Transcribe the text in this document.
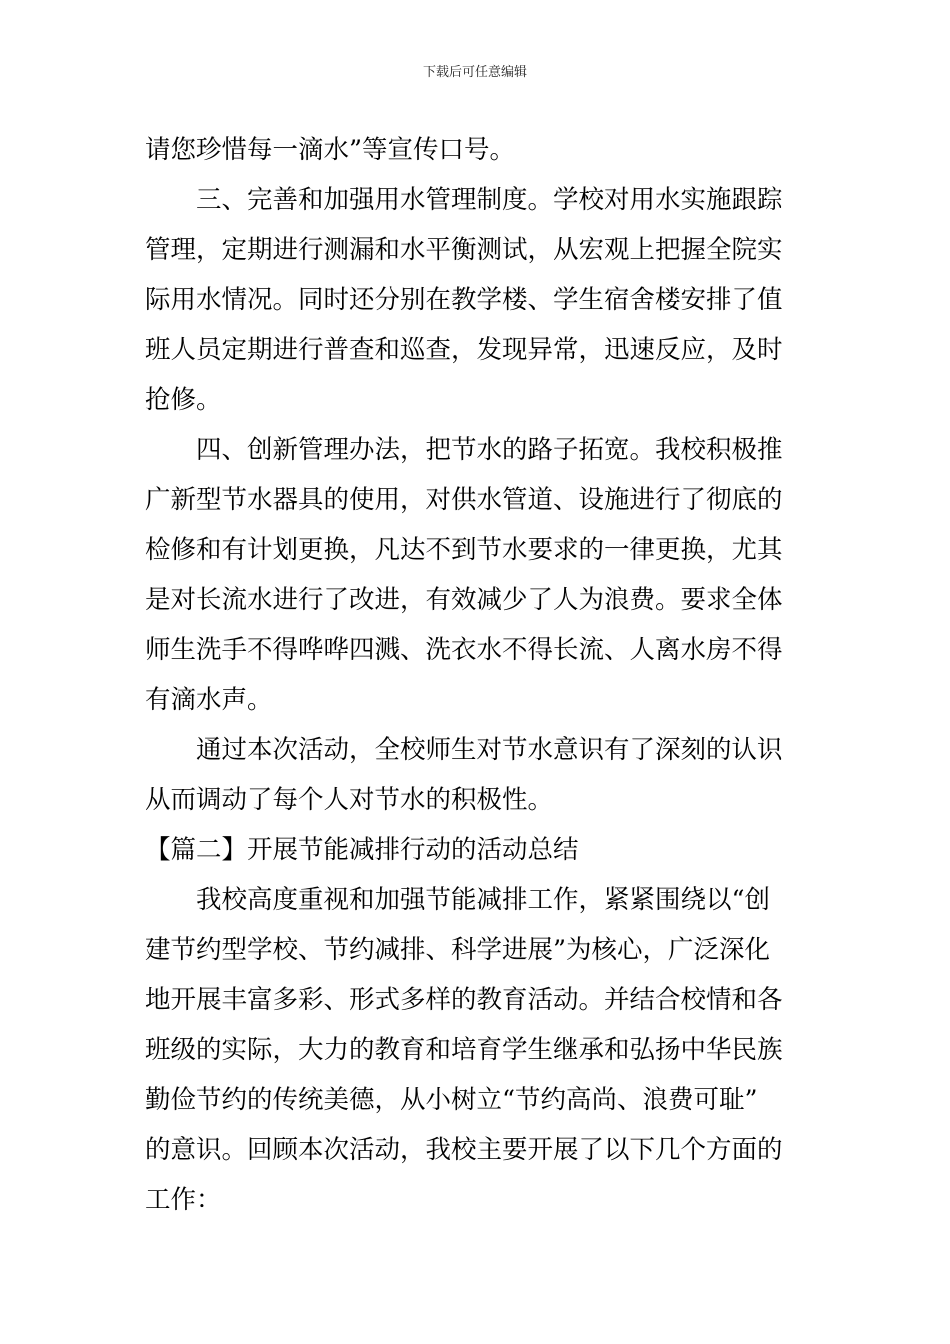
下载后可任意编辑
请您珍惜每一滴水”等宣传口号。
三、完善和加强用水管理制度。学校对用水实施跟踪
管理，定期进行测漏和水平衡测试，从宏观上把握全院实
际用水情况。同时还分别在教学楼、学生宿舍楼安排了值
班人员定期进行普查和巡查，发现异常，迅速反应，及时
抢修。
四、创新管理办法，把节水的路子拓宽。我校积极推
广新型节水器具的使用，对供水管道、设施进行了彻底的
检修和有计划更换，凡达不到节水要求的一律更换，尤其
是对长流水进行了改进，有效减少了人为浪费。要求全体
师生洗手不得哗哗四溅、洗衣水不得长流、人离水房不得
有滴水声。
通过本次活动，全校师生对节水意识有了深刻的认识
从而调动了每个人对节水的积极性。
【篇二】开展节能减排行动的活动总结
我校高度重视和加强节能减排工作，紧紧围绕以“创
建节约型学校、节约减排、科学进展”为核心，广泛深化
地开展丰富多彩、形式多样的教育活动。并结合校情和各
班级的实际，大力的教育和培育学生继承和弘扬中华民族
勤俭节约的传统美德，从小树立“节约高尚、浪费可耻”
的意识。回顾本次活动，我校主要开展了以下几个方面的
工作：
